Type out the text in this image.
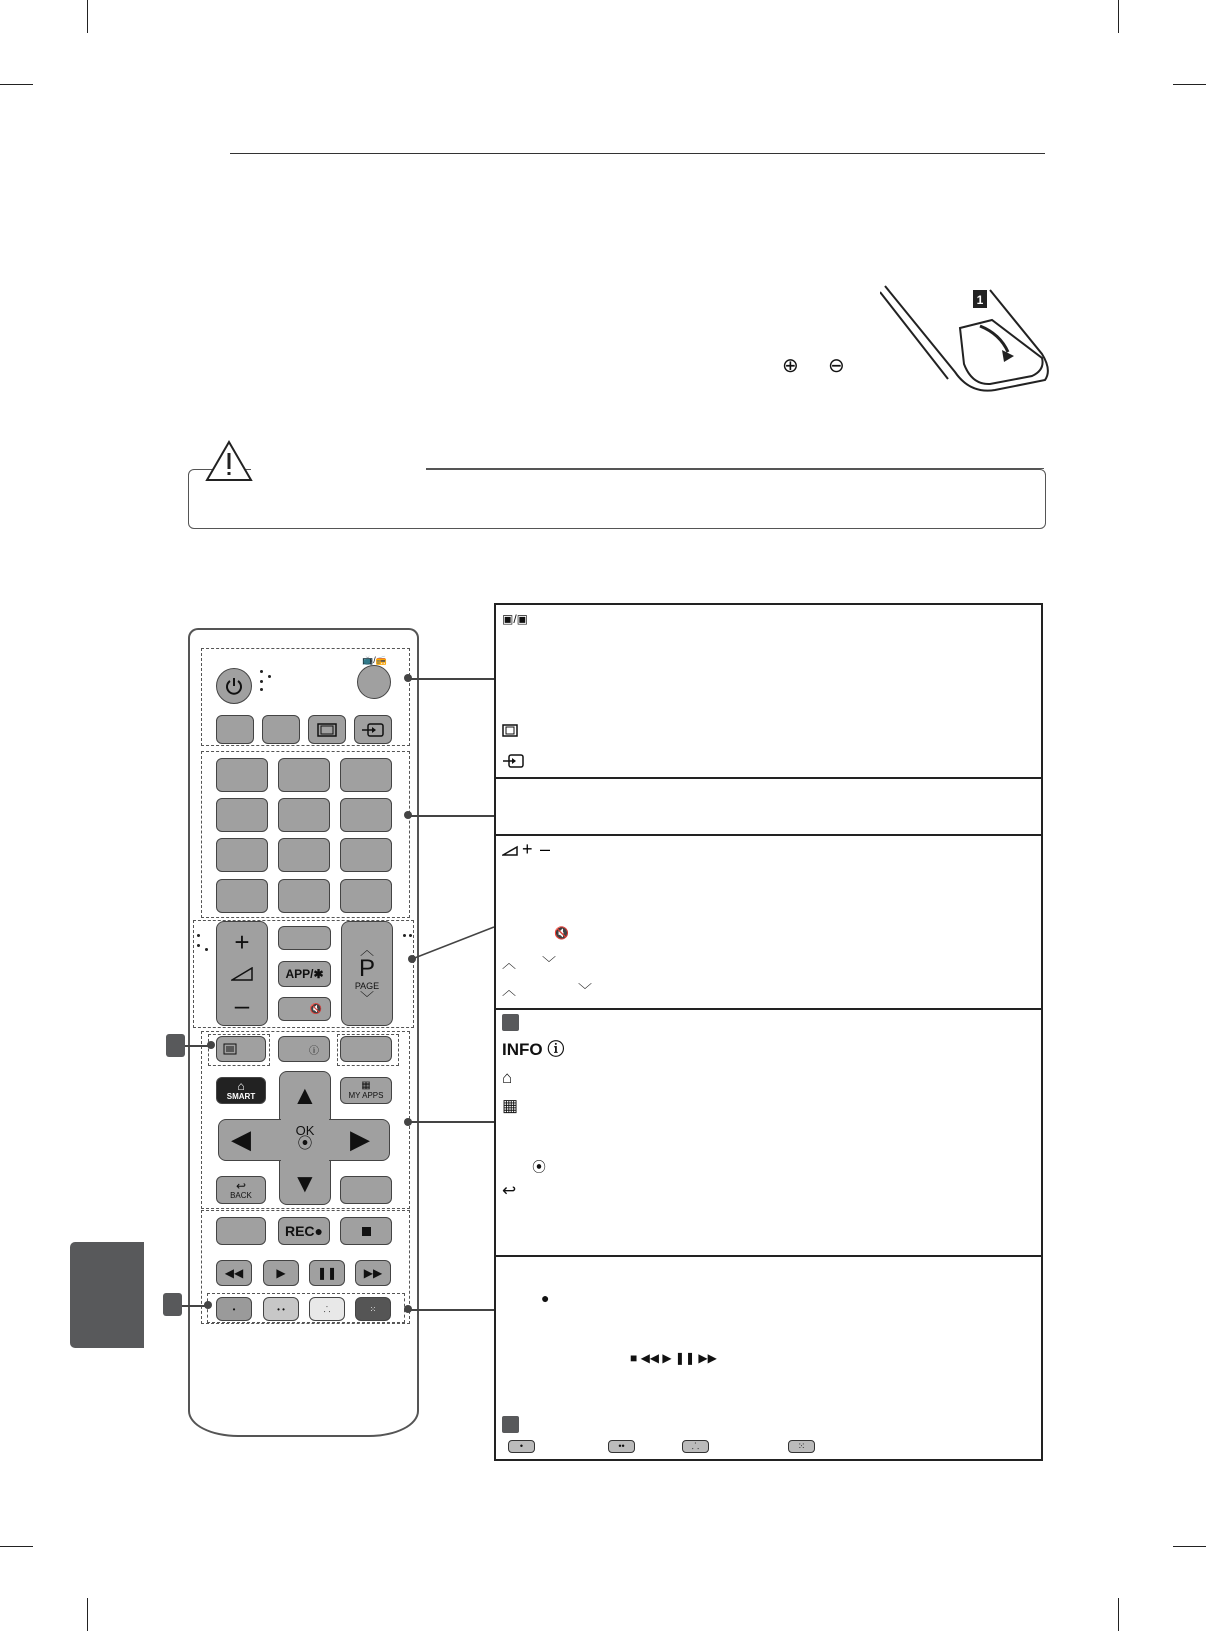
⊕ ⊖
1
📺/📻
+
–
APP/✱
🔇
︿
P
PAGE
﹀
ⓘ
⌂
SMART
▦
MY APPS
▲
▼
◀	▶
OK
⦿
↩
BACK
REC●
◀◀	▶	❚❚ ▶▶
•	• •	⸫	⁙
▣/▣
+ –
🔇
︿ ﹀
︿	﹀
INFO ⓘ
⌂
▦
⦿
↩
●
■ ◀◀ ▶ ❚❚ ▶▶
•	••	⸫	⁙
